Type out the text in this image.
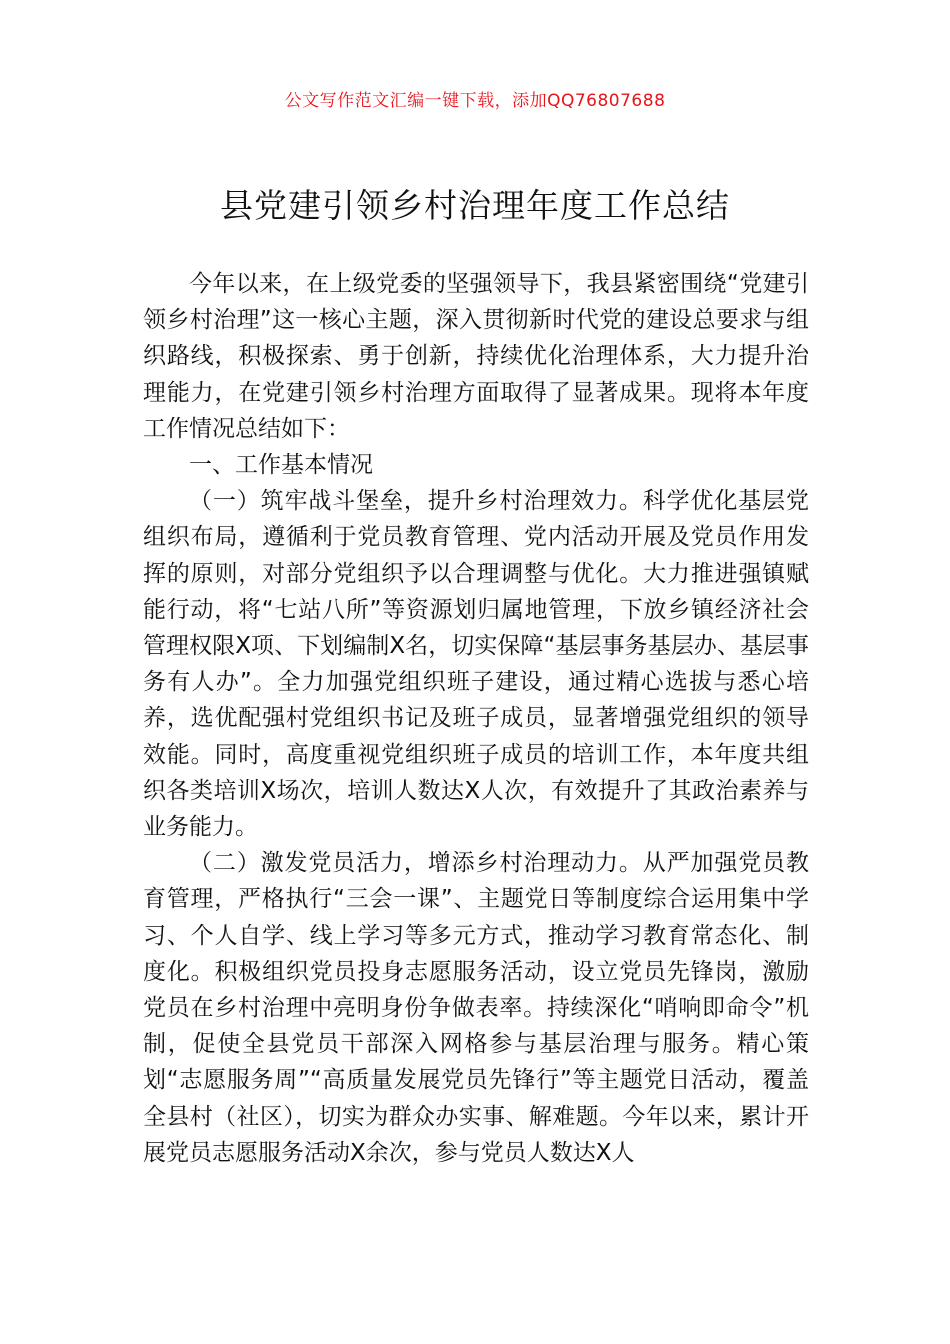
公文写作范文汇编一键下载，添加QQ76807688
县党建引领乡村治理年度工作总结

今年以来，在上级党委的坚强领导下，我县紧密围绕“党建引领乡村治理”这一核心主题，深入贯彻新时代党的建设总要求与组织路线，积极探索、勇于创新，持续优化治理体系，大力提升治理能力，在党建引领乡村治理方面取得了显著成果。现将本年度工作情况总结如下：

一、工作基本情况

（一）筑牢战斗堡垒，提升乡村治理效力。科学优化基层党组织布局，遵循利于党员教育管理、党内活动开展及党员作用发挥的原则，对部分党组织予以合理调整与优化。大力推进强镇赋能行动，将“七站八所”等资源划归属地管理，下放乡镇经济社会管理权限X项、下划编制X名，切实保障“基层事务基层办、基层事务有人办”。全力加强党组织班子建设，通过精心选拔与悉心培养，选优配强村党组织书记及班子成员，显著增强党组织的领导效能。同时，高度重视党组织班子成员的培训工作，本年度共组织各类培训X场次，培训人数达X人次，有效提升了其政治素养与业务能力。

（二）激发党员活力，增添乡村治理动力。从严加强党员教育管理，严格执行“三会一课”、主题党日等制度综合运用集中学习、个人自学、线上学习等多元方式，推动学习教育常态化、制度化。积极组织党员投身志愿服务活动，设立党员先锋岗，激励党员在乡村治理中亮明身份争做表率。持续深化“哨响即命令”机制，促使全县党员干部深入网格参与基层治理与服务。精心策划“志愿服务周”“高质量发展党员先锋行”等主题党日活动，覆盖全县村（社区），切实为群众办实事、解难题。今年以来，累计开展党员志愿服务活动X余次，参与党员人数达X人
